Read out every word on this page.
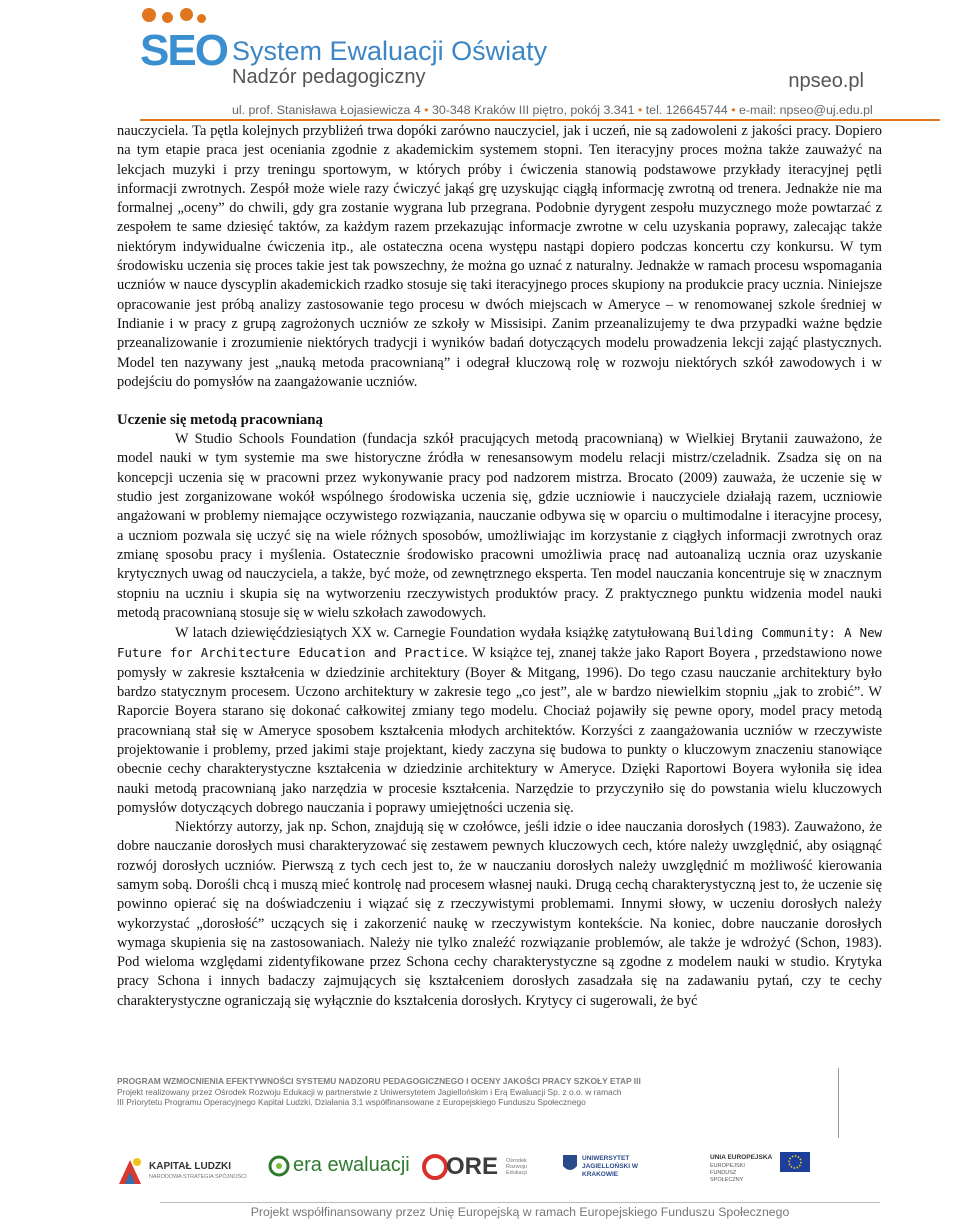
SEO System Ewaluacji Oświaty
Nadzór pedagogiczny	npseo.pl
ul. prof. Stanisława Łojasiewicza 4 • 30-348 Kraków III piętro, pokój 3.341 • tel. 126645744 • e-mail: npseo@uj.edu.pl

nauczyciela. Ta pętla kolejnych przybliżeń trwa dopóki zarówno nauczyciel, jak i uczeń, nie są zadowoleni z jakości pracy. Dopiero na tym etapie praca jest oceniania zgodnie z akademickim systemem stopni. Ten iteracyjny proces można także zauważyć na lekcjach muzyki i przy treningu sportowym, w których próby i ćwiczenia stanowią podstawowe przykłady iteracyjnej pętli informacji zwrotnych. Zespół może wiele razy ćwiczyć jakąś grę uzyskując ciągłą informację zwrotną od trenera. Jednakże nie ma formalnej „oceny” do chwili, gdy gra zostanie wygrana lub przegrana. Podobnie dyrygent zespołu muzycznego może powtarzać z zespołem te same dziesięć taktów, za każdym razem przekazując informacje zwrotne w celu uzyskania poprawy, zalecając także niektórym indywidualne ćwiczenia itp., ale ostateczna ocena występu nastąpi dopiero podczas koncertu czy konkursu. W tym środowisku uczenia się proces takie jest tak powszechny, że można go uznać z naturalny. Jednakże w ramach procesu wspomagania uczniów w nauce dyscyplin akademickich rzadko stosuje się taki iteracyjnego proces skupiony na produkcie pracy ucznia. Niniejsze opracowanie jest próbą analizy zastosowanie tego procesu w dwóch miejscach w Ameryce – w renomowanej szkole średniej w Indianie i w pracy z grupą zagrożonych uczniów ze szkoły w Missisipi. Zanim przeanalizujemy te dwa przypadki ważne będzie przeanalizowanie i zrozumienie niektórych tradycji i wyników badań dotyczących modelu prowadzenia lekcji zająć plastycznych. Model ten nazywany jest „nauką metoda pracownianą” i odegrał kluczową rolę w rozwoju niektórych szkół zawodowych i w podejściu do pomysłów na zaangażowanie uczniów.

Uczenie się metodą pracownianą

W Studio Schools Foundation (fundacja szkół pracujących metodą pracownianą) w Wielkiej Brytanii zauważono, że model nauki w tym systemie ma swe historyczne źródła w renesansowym modelu relacji mistrz/czeladnik. Zsadza się on na koncepcji uczenia się w pracowni przez wykonywanie pracy pod nadzorem mistrza. Brocato (2009) zauważa, że uczenie się w studio jest zorganizowane wokół wspólnego środowiska uczenia się, gdzie uczniowie i nauczyciele działają razem, uczniowie angażowani w problemy niemające oczywistego rozwiązania, nauczanie odbywa się w oparciu o multimodalne i iteracyjne procesy, a uczniom pozwala się uczyć się na wiele różnych sposobów, umożliwiając im korzystanie z ciągłych informacji zwrotnych oraz zmianę sposobu pracy i myślenia. Ostatecznie środowisko pracowni umożliwia pracę nad autoanalizą ucznia oraz uzyskanie krytycznych uwag od nauczyciela, a także, być może, od zewnętrznego eksperta. Ten model nauczania koncentruje się w znacznym stopniu na uczniu i skupia się na wytworzeniu rzeczywistych produktów pracy. Z praktycznego punktu widzenia model nauki metodą pracownianą stosuje się w wielu szkołach zawodowych.

W latach dziewięćdziesiątych XX w. Carnegie Foundation wydała książkę zatytułowaną Building Community: A New Future for Architecture Education and Practice. W książce tej, znanej także jako Raport Boyera , przedstawiono nowe pomysły w zakresie kształcenia w dziedzinie architektury (Boyer & Mitgang, 1996). Do tego czasu nauczanie architektury było bardzo statycznym procesem. Uczono architektury w zakresie tego „co jest”, ale w bardzo niewielkim stopniu „jak to zrobić”. W Raporcie Boyera starano się dokonać całkowitej zmiany tego modelu. Chociaż pojawiły się pewne opory, model pracy metodą pracownianą stał się w Ameryce sposobem kształcenia młodych architektów. Korzyści z zaangażowania uczniów w rzeczywiste projektowanie i problemy, przed jakimi staje projektant, kiedy zaczyna się budowa to punkty o kluczowym znaczeniu stanowiące obecnie cechy charakterystyczne kształcenia w dziedzinie architektury w Ameryce. Dzięki Raportowi Boyera wyłoniła się idea nauki metodą pracownianą jako narzędzia w procesie kształcenia. Narzędzie to przyczyniło się do powstania wielu kluczowych pomysłów dotyczących dobrego nauczania i poprawy umiejętności uczenia się.

Niektórzy autorzy, jak np. Schon, znajdują się w czołówce, jeśli idzie o idee nauczania dorosłych (1983). Zauważono, że dobre nauczanie dorosłych musi charakteryzować się zestawem pewnych kluczowych cech, które należy uwzględnić, aby osiągnąć rozwój dorosłych uczniów. Pierwszą z tych cech jest to, że w nauczaniu dorosłych należy uwzględnić m możliwość kierowania samym sobą. Dorośli chcą i muszą mieć kontrolę nad procesem własnej nauki. Drugą cechą charakterystyczną jest to, że uczenie się powinno opierać się na doświadczeniu i wiązać się z rzeczywistymi problemami. Innymi słowy, w uczeniu dorosłych należy wykorzystać „dorosłość” uczących się i zakorzenić naukę w rzeczywistym kontekście. Na koniec, dobre nauczanie dorosłych wymaga skupienia się na zastosowaniach. Należy nie tylko znaleźć rozwiązanie problemów, ale także je wdrożyć (Schon, 1983). Pod wieloma względami zidentyfikowane przez Schona cechy charakterystyczne są zgodne z modelem nauki w studio. Krytyka pracy Schona i innych badaczy zajmujących się kształceniem dorosłych zasadzała się na zadawaniu pytań, czy te cechy charakterystyczne ograniczają się wyłącznie do kształcenia dorosłych. Krytycy ci sugerowali, że być

PROGRAM WZMOCNIENIA EFEKTYWNOŚCI SYSTEMU NADZORU PEDAGOGICZNEGO I OCENY JAKOŚCI PRACY SZKOŁY ETAP III

Projekt realizowany przez Ośrodek Rozwoju Edukacji w partnerstwie z Uniwersytetem Jagiellońskim i Erą Ewaluacji Sp. z o.o. w ramach

III Priorytetu Programu Operacyjnego Kapitał Ludzki, Działania 3.1 współfinansowane z Europejskiego Funduszu Społecznego

KAPITAŁ LUDZKI
NARODOWA STRATEGIA SPÓJNOŚCI
era ewaluacji ORE Ośrodek Rozwoju Edukacji
UNIWERSYTET JAGIELLOŃSKI W KRAKOWIE
UNIA EUROPEJSKA
EUROPEJSKI FUNDUSZ SPOŁECZNY
Projekt współfinansowany przez Unię Europejską w ramach Europejskiego Funduszu Społecznego
